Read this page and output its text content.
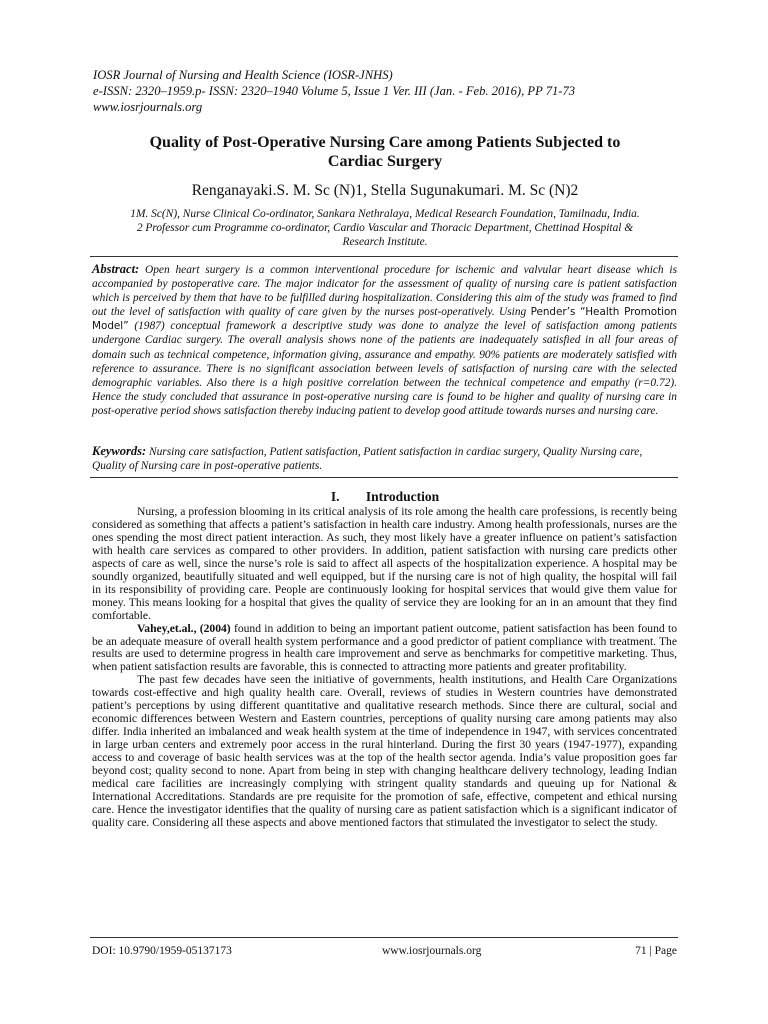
IOSR Journal of Nursing and Health Science (IOSR-JNHS)
e-ISSN: 2320–1959.p- ISSN: 2320–1940 Volume 5, Issue 1 Ver. III (Jan. - Feb. 2016), PP 71-73
www.iosrjournals.org
Quality of Post-Operative Nursing Care among Patients Subjected to
Cardiac Surgery
Renganayaki.S. M. Sc (N)1, Stella Sugunakumari. M. Sc (N)2
1M. Sc(N), Nurse Clinical Co-ordinator, Sankara Nethralaya, Medical Research Foundation, Tamilnadu, India.
2 Professor cum Programme co-ordinator, Cardio Vascular and Thoracic Department, Chettinad Hospital &
Research Institute.
Abstract: Open heart surgery is a common interventional procedure for ischemic and valvular heart disease which is accompanied by postoperative care. The major indicator for the assessment of quality of nursing care is patient satisfaction which is perceived by them that have to be fulfilled during hospitalization. Considering this aim of the study was framed to find out the level of satisfaction with quality of care given by the nurses post-operatively. Using Pender’s “Health Promotion Model” (1987) conceptual framework a descriptive study was done to analyze the level of satisfaction among patients undergone Cardiac surgery. The overall analysis shows none of the patients are inadequately satisfied in all four areas of domain such as technical competence, information giving, assurance and empathy. 90% patients are moderately satisfied with reference to assurance. There is no significant association between levels of satisfaction of nursing care with the selected demographic variables. Also there is a high positive correlation between the technical competence and empathy (r=0.72). Hence the study concluded that assurance in post-operative nursing care is found to be higher and quality of nursing care in post-operative period shows satisfaction thereby inducing patient to develop good attitude towards nurses and nursing care.
Keywords: Nursing care satisfaction, Patient satisfaction, Patient satisfaction in cardiac surgery, Quality Nursing care, Quality of Nursing care in post-operative patients.
I. Introduction

Nursing, a profession blooming in its critical analysis of its role among the health care professions, is recently being considered as something that affects a patient’s satisfaction in health care industry. Among health professionals, nurses are the ones spending the most direct patient interaction. As such, they most likely have a greater influence on patient’s satisfaction with health care services as compared to other providers. In addition, patient satisfaction with nursing care predicts other aspects of care as well, since the nurse’s role is said to affect all aspects of the hospitalization experience. A hospital may be soundly organized, beautifully situated and well equipped, but if the nursing care is not of high quality, the hospital will fail in its responsibility of providing care. People are continuously looking for hospital services that would give them value for money. This means looking for a hospital that gives the quality of service they are looking for an in an amount that they find comfortable.

Vahey,et.al., (2004) found in addition to being an important patient outcome, patient satisfaction has been found to be an adequate measure of overall health system performance and a good predictor of patient compliance with treatment. The results are used to determine progress in health care improvement and serve as benchmarks for competitive marketing. Thus, when patient satisfaction results are favorable, this is connected to attracting more patients and greater profitability.

The past few decades have seen the initiative of governments, health institutions, and Health Care Organizations towards cost-effective and high quality health care. Overall, reviews of studies in Western countries have demonstrated patient’s perceptions by using different quantitative and qualitative research methods. Since there are cultural, social and economic differences between Western and Eastern countries, perceptions of quality nursing care among patients may also differ. India inherited an imbalanced and weak health system at the time of independence in 1947, with services concentrated in large urban centers and extremely poor access in the rural hinterland. During the first 30 years (1947-1977), expanding access to and coverage of basic health services was at the top of the health sector agenda. India’s value proposition goes far beyond cost; quality second to none. Apart from being in step with changing healthcare delivery technology, leading Indian medical care facilities are increasingly complying with stringent quality standards and queuing up for National & International Accreditations. Standards are pre requisite for the promotion of safe, effective, competent and ethical nursing care. Hence the investigator identifies that the quality of nursing care as patient satisfaction which is a significant indicator of quality care. Considering all these aspects and above mentioned factors that stimulated the investigator to select the study.

DOI: 10.9790/1959-05137173	www.iosrjournals.org	71 | Page
